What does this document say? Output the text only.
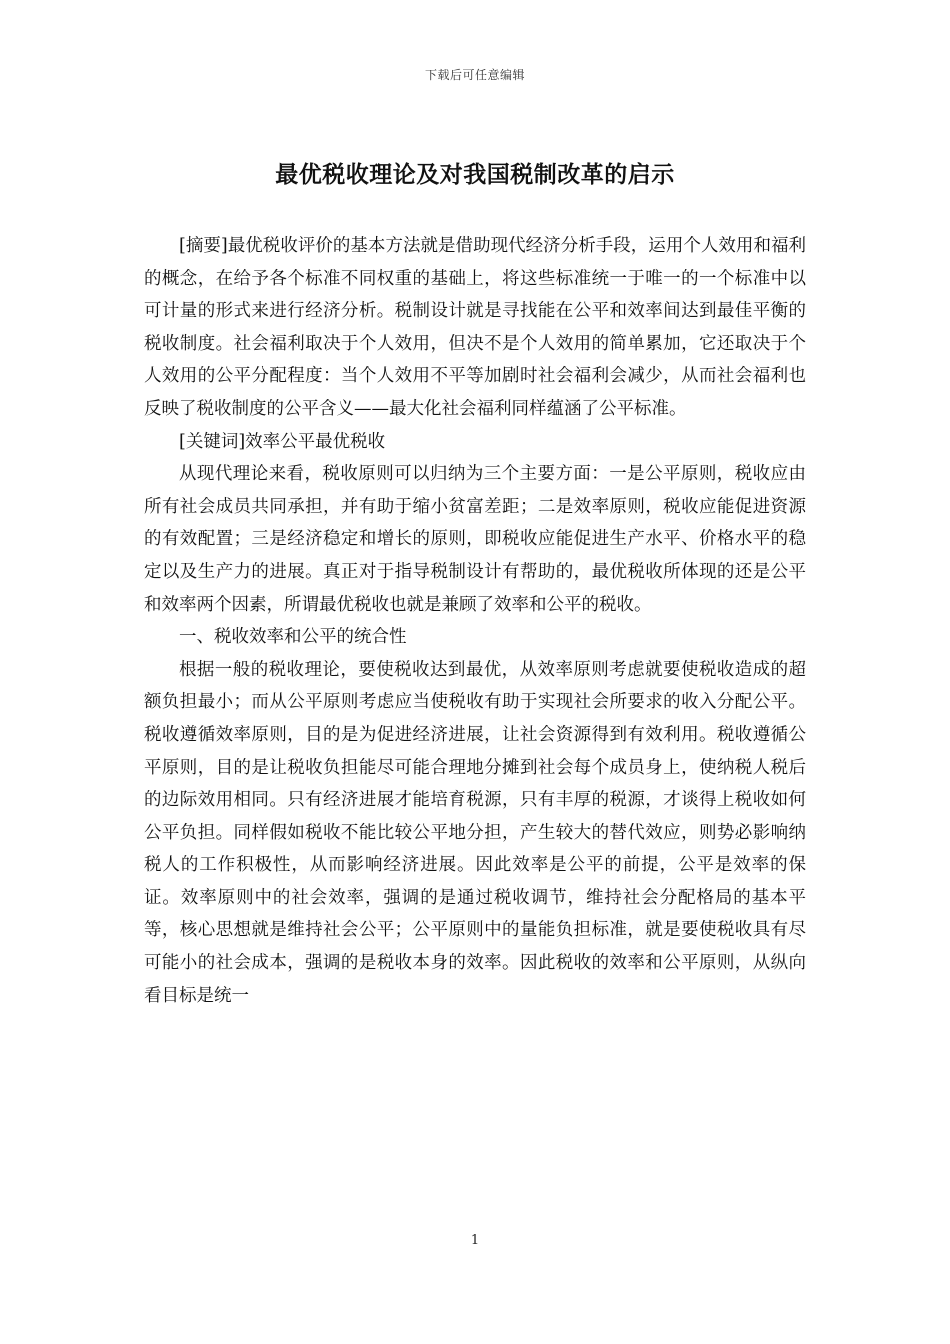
下载后可任意编辑
最优税收理论及对我国税制改革的启示

[摘要]最优税收评价的基本方法就是借助现代经济分析手段，运用个人效用和福利的概念，在给予各个标准不同权重的基础上，将这些标准统一于唯一的一个标准中以可计量的形式来进行经济分析。税制设计就是寻找能在公平和效率间达到最佳平衡的税收制度。社会福利取决于个人效用，但决不是个人效用的简单累加，它还取决于个人效用的公平分配程度：当个人效用不平等加剧时社会福利会减少，从而社会福利也反映了税收制度的公平含义——最大化社会福利同样蕴涵了公平标准。

[关键词]效率公平最优税收

从现代理论来看，税收原则可以归纳为三个主要方面：一是公平原则，税收应由所有社会成员共同承担，并有助于缩小贫富差距；二是效率原则，税收应能促进资源的有效配置；三是经济稳定和增长的原则，即税收应能促进生产水平、价格水平的稳定以及生产力的进展。真正对于指导税制设计有帮助的，最优税收所体现的还是公平和效率两个因素，所谓最优税收也就是兼顾了效率和公平的税收。

一、税收效率和公平的统合性

根据一般的税收理论，要使税收达到最优，从效率原则考虑就要使税收造成的超额负担最小；而从公平原则考虑应当使税收有助于实现社会所要求的收入分配公平。税收遵循效率原则，目的是为促进经济进展，让社会资源得到有效利用。税收遵循公平原则，目的是让税收负担能尽可能合理地分摊到社会每个成员身上，使纳税人税后的边际效用相同。只有经济进展才能培育税源，只有丰厚的税源，才谈得上税收如何公平负担。同样假如税收不能比较公平地分担，产生较大的替代效应，则势必影响纳税人的工作积极性，从而影响经济进展。因此效率是公平的前提，公平是效率的保证。效率原则中的社会效率，强调的是通过税收调节，维持社会分配格局的基本平等，核心思想就是维持社会公平；公平原则中的量能负担标准，就是要使税收具有尽可能小的社会成本，强调的是税收本身的效率。因此税收的效率和公平原则，从纵向看目标是统一

1
